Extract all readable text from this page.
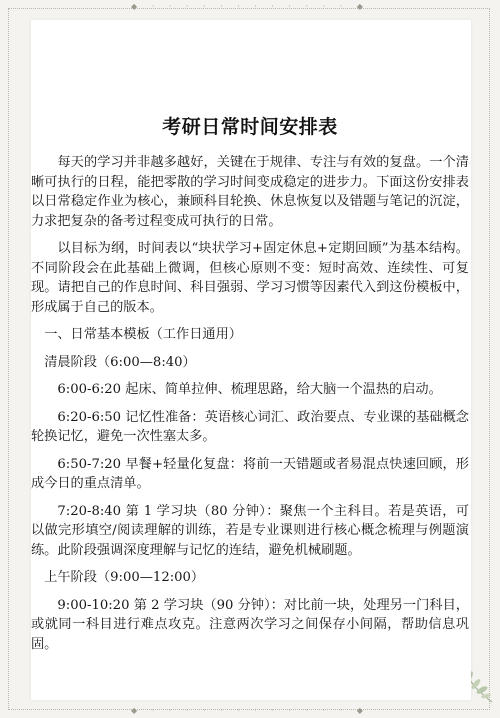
◆ · · · · · · · · · · · · ◆
◆ · · · · · · · · · · · · ◆
考研日常时间安排表

每天的学习并非越多越好，关键在于规律、专注与有效的复盘。一个清晰可执行的日程，能把零散的学习时间变成稳定的进步力。下面这份安排表以日常稳定作业为核心，兼顾科目轮换、休息恢复以及错题与笔记的沉淀，力求把复杂的备考过程变成可执行的日常。

以目标为纲，时间表以“块状学习+固定休息+定期回顾”为基本结构。不同阶段会在此基础上微调，但核心原则不变：短时高效、连续性、可复现。请把自己的作息时间、科目强弱、学习习惯等因素代入到这份模板中，形成属于自己的版本。

一、日常基本模板（工作日通用）

清晨阶段（6:00—8:40）

6:00-6:20 起床、简单拉伸、梳理思路，给大脑一个温热的启动。

6:20-6:50 记忆性准备：英语核心词汇、政治要点、专业课的基础概念轮换记忆，避免一次性塞太多。

6:50-7:20 早餐+轻量化复盘：将前一天错题或者易混点快速回顾，形成今日的重点清单。

7:20-8:40 第 1 学习块（80 分钟）：聚焦一个主科目。若是英语，可以做完形填空/阅读理解的训练，若是专业课则进行核心概念梳理与例题演练。此阶段强调深度理解与记忆的连结，避免机械刷题。

上午阶段（9:00—12:00）

9:00-10:20 第 2 学习块（90 分钟）：对比前一块，处理另一门科目，或就同一科目进行难点攻克。注意两次学习之间保存小间隔，帮助信息巩固。
